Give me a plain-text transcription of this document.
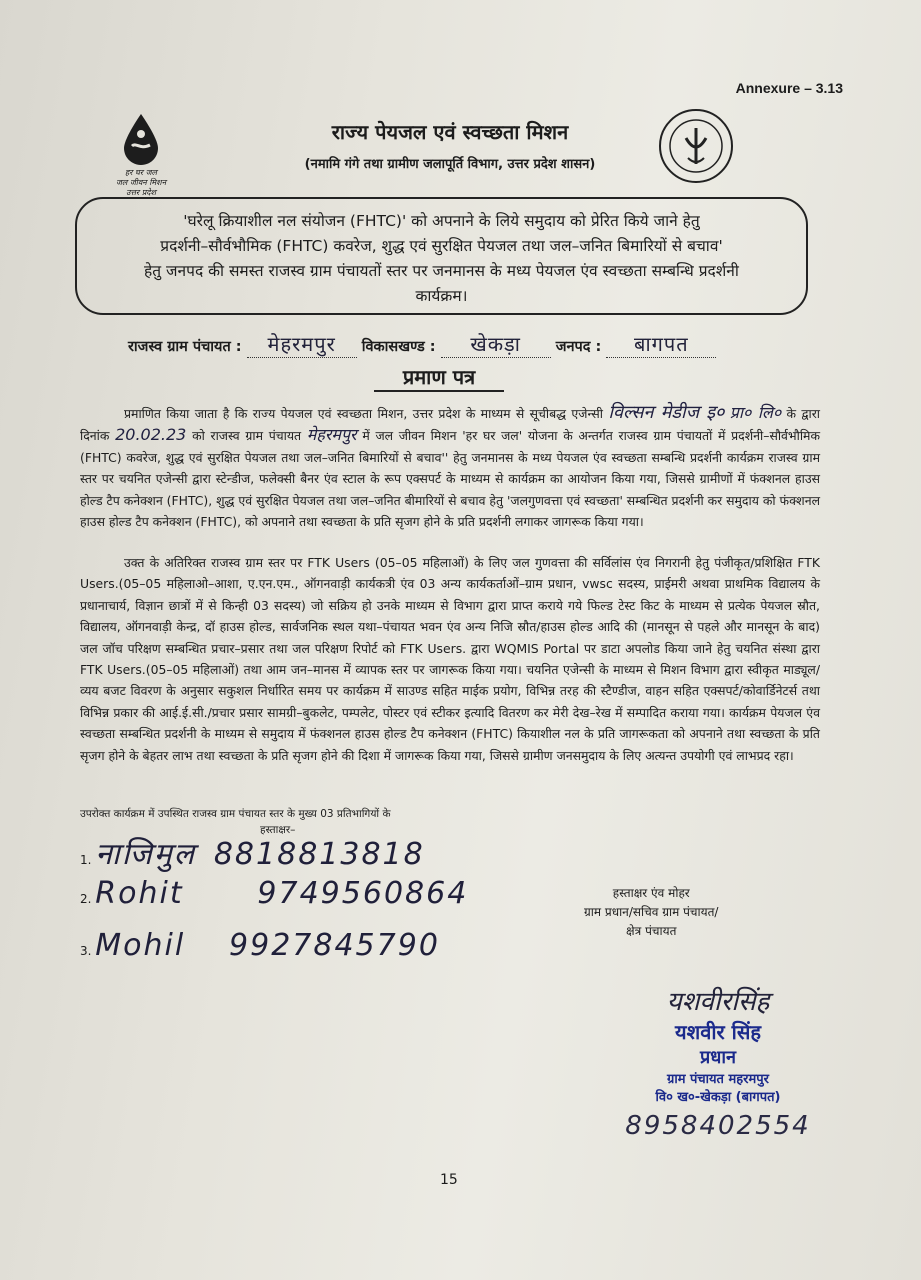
Annexure – 3.13
हर घर जल
जल जीवन मिशन
उत्तर प्रदेश
राज्य पेयजल एवं स्वच्छता मिशन
(नमामि गंगे तथा ग्रामीण जलापूर्ति विभाग, उत्तर प्रदेश शासन)
'घरेलू क्रियाशील नल संयोजन (FHTC)' को अपनाने के लिये समुदाय को प्रेरित किये जाने हेतु
प्रदर्शनी–सौर्वभौमिक (FHTC) कवरेज, शुद्ध एवं सुरक्षित पेयजल तथा जल–जनित बिमारियों से बचाव'
हेतु जनपद की समस्त राजस्व ग्राम पंचायतों स्तर पर जनमानस के मध्य पेयजल एंव स्वच्छता सम्बन्धि प्रदर्शनी
कार्यक्रम।
राजस्व ग्राम पंचायत : मेहरमपुर विकासखण्ड : खेकड़ा जनपद : बागपत
प्रमाण पत्र
प्रमाणित किया जाता है कि राज्य पेयजल एवं स्वच्छता मिशन, उत्तर प्रदेश के माध्यम से सूचीबद्ध एजेन्सी विल्सन मेडीज इ० प्रा० लि० के द्वारा दिनांक 20.02.23 को राजस्व ग्राम पंचायत मेहरमपुर में जल जीवन मिशन 'हर घर जल' योजना के अन्तर्गत राजस्व ग्राम पंचायतों में प्रदर्शनी–सौर्वभौमिक (FHTC) कवरेज, शुद्ध एवं सुरक्षित पेयजल तथा जल–जनित बिमारियों से बचाव'' हेतु जनमानस के मध्य पेयजल एंव स्वच्छता सम्बन्धि प्रदर्शनी कार्यक्रम राजस्व ग्राम स्तर पर चयनित एजेन्सी द्वारा स्टेन्डीज, फलेक्सी बैनर एंव स्टाल के रूप एक्सपर्ट के माध्यम से कार्यक्रम का आयोजन किया गया, जिससे ग्रामीणों में फंक्शनल हाउस होल्ड टैप कनेक्शन (FHTC), शुद्ध एवं सुरक्षित पेयजल तथा जल–जनित बीमारियों से बचाव हेतु 'जलगुणवत्ता एवं स्वच्छता' सम्बन्धित प्रदर्शनी कर समुदाय को फंक्शनल हाउस होल्ड टैप कनेक्शन (FHTC), को अपनाने तथा स्वच्छता के प्रति सृजग होने के प्रति प्रदर्शनी लगाकर जागरूक किया गया।
उक्त के अतिरिक्त राजस्व ग्राम स्तर पर FTK Users (05–05 महिलाओं) के लिए जल गुणवत्ता की सर्विलांस एंव निगरानी हेतु पंजीकृत/प्रशिक्षित FTK Users.(05–05 महिलाओ–आशा, ए.एन.एम., ऑगनवाड़ी कार्यकत्री एंव 03 अन्य कार्यकर्ताओं–ग्राम प्रधान, vwsc सदस्य, प्राईमरी अथवा प्राथमिक विद्यालय के प्रधानाचार्य, विज्ञान छात्रों में से किन्ही 03 सदस्य) जो सक्रिय हो उनके माध्यम से विभाग द्वारा प्राप्त कराये गये फिल्ड टेस्ट किट के माध्यम से प्रत्येक पेयजल स्रौत, विद्यालय, ऑगनवाड़ी केन्द्र, दॉ हाउस होल्ड, सार्वजनिक स्थल यथा–पंचायत भवन एंव अन्य निजि स्रौत/हाउस होल्ड आदि की (मानसून से पहले और मानसून के बाद) जल जॉच परिक्षण सम्बन्धित प्रचार–प्रसार तथा जल परिक्षण रिपोर्ट को FTK Users. द्वारा WQMIS Portal पर डाटा अपलोड किया जाने हेतु चयनित संस्था द्वारा FTK Users.(05–05 महिलाओं) तथा आम जन–मानस में व्यापक स्तर पर जागरूक किया गया। चयनित एजेन्सी के माध्यम से मिशन विभाग द्वारा स्वीकृत माड्यूल/व्यय बजट विवरण के अनुसार सकुशल निर्धारित समय पर कार्यक्रम में साउण्ड सहित माईक प्रयोग, विभिन्न तरह की स्टैण्डीज, वाहन सहित एक्सपर्ट/कोवार्डिनेटर्स तथा विभिन्न प्रकार की आई.ई.सी./प्रचार प्रसार सामग्री–बुकलेट, पम्पलेट, पोस्टर एवं स्टीकर इत्यादि वितरण कर मेरी देख–रेख में सम्पादित कराया गया। कार्यक्रम पेयजल एंव स्वच्छता सम्बन्धित प्रदर्शनी के माध्यम से समुदाय में फंक्शनल हाउस होल्ड टैप कनेक्शन (FHTC) कियाशील नल के प्रति जागरूकता को अपनाने तथा स्वच्छता के प्रति सृजग होने के बेहतर लाभ तथा स्वच्छता के प्रति सृजग होने की दिशा में जागरूक किया गया, जिससे ग्रामीण जनसमुदाय के लिए अत्यन्त उपयोगी एवं लाभप्रद रहा।
उपरोक्त कार्यक्रम में उपस्थित राजस्व ग्राम पंचायत स्तर के मुख्य 03 प्रतिभागियों के
हस्ताक्षर–
1. नाजिमुल 8818813818
2. Rohit 9749560864
3. Mohil 9927845790
हस्ताक्षर एंव मोहर
ग्राम प्रधान/सचिव ग्राम पंचायत/
क्षेत्र पंचायत
यशवीरसिंह
यशवीर सिंह
प्रधान
ग्राम पंचायत महरमपुर
वि० ख०-खेकड़ा (बागपत)
8958402554
15
